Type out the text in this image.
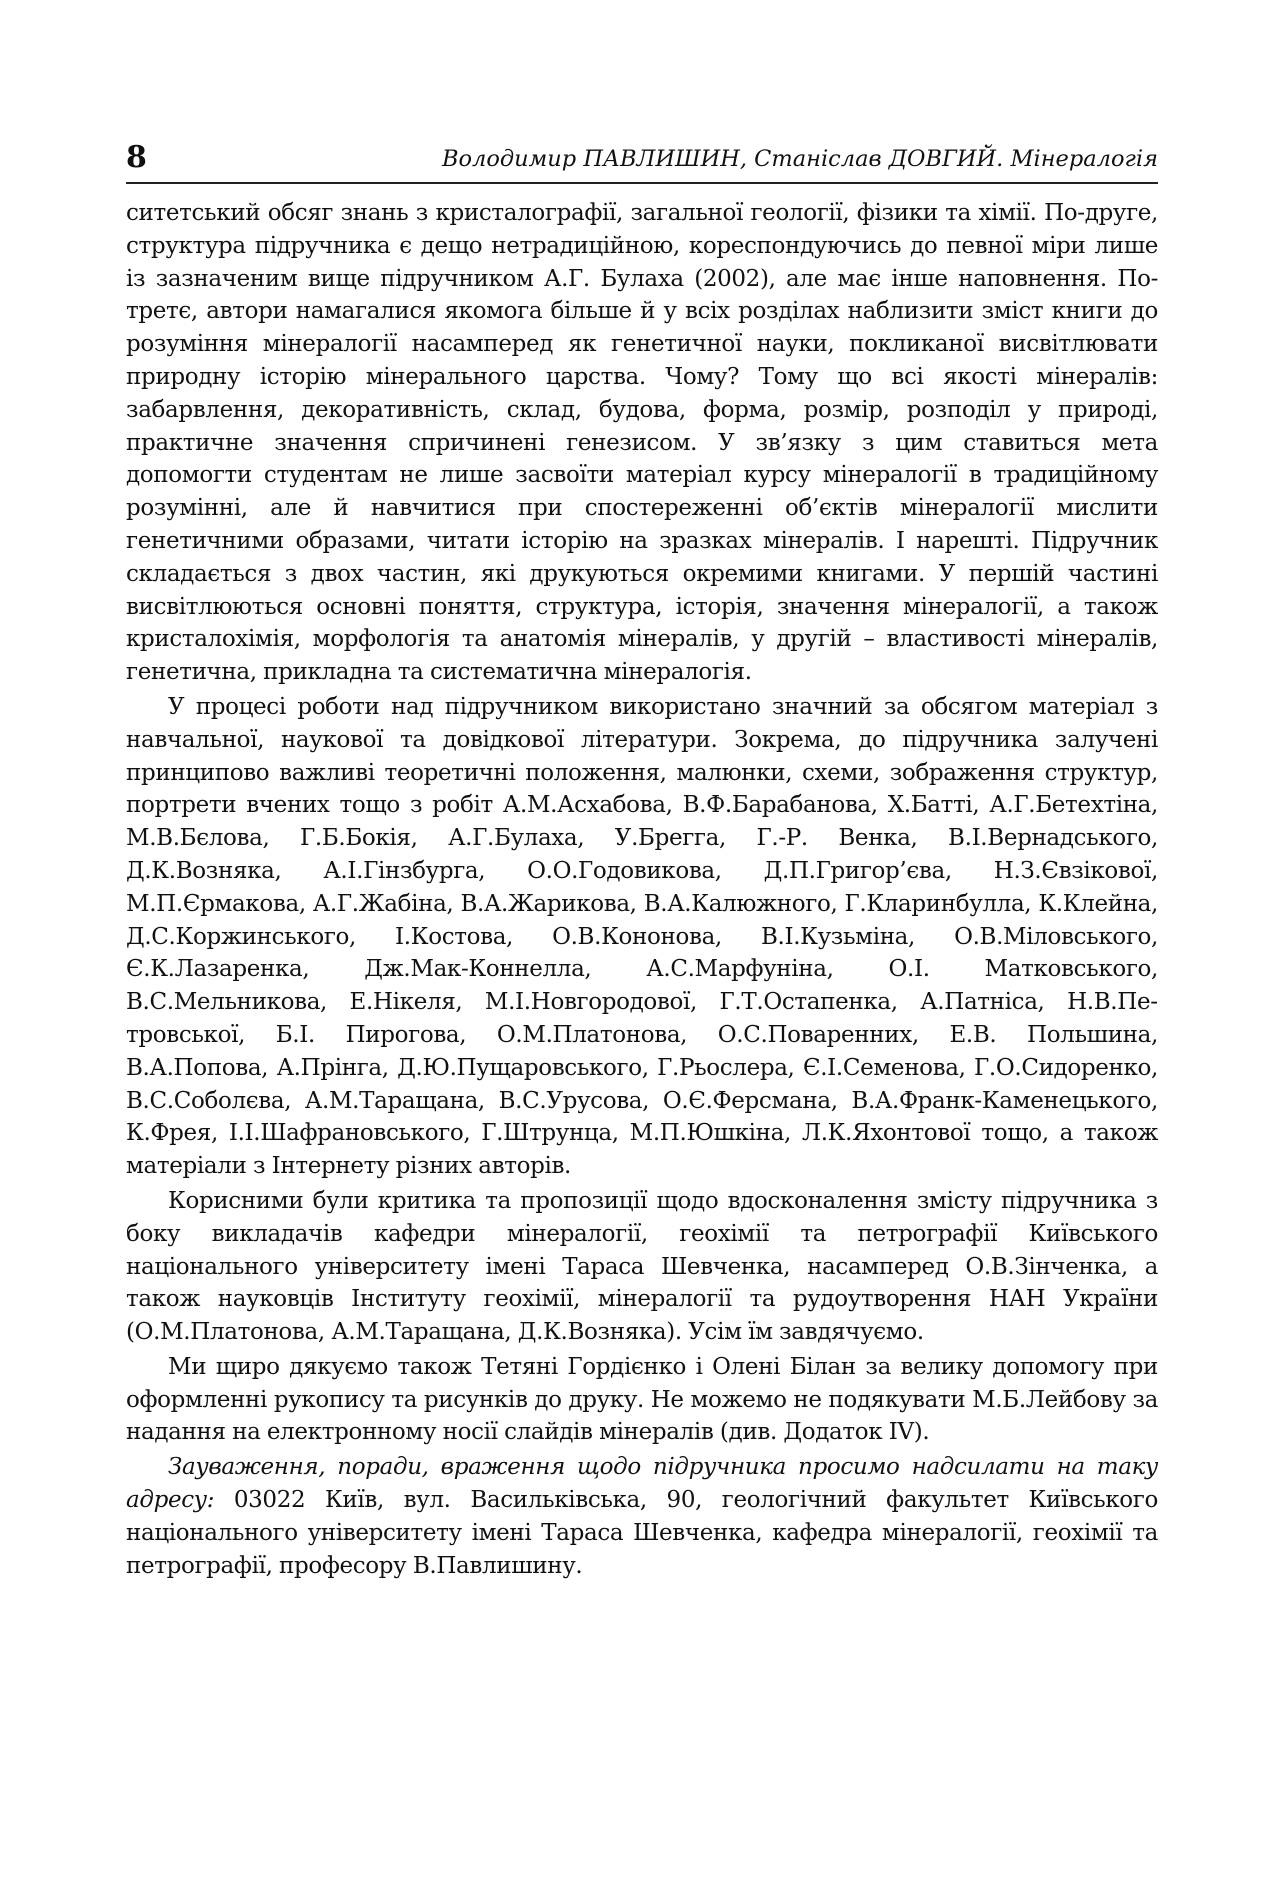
8	Володимир ПАВЛИШИН, Станіслав ДОВГИЙ. Мінералогія

ситетський обсяг знань з кристалографії, загальної геології, фізики та хімії. По-друге, структура підручника є дещо нетрадиційною, кореспондуючись до певної міри лише із зазначеним вище підручником А.Г. Булаха (2002), але має інше наповнення. По-третє, автори намагалися якомога більше й у всіх розділах наблизити зміст книги до розуміння мінералогії насамперед як генетичної науки, покликаної висвітлювати природну історію мінерального царства. Чому? Тому що всі якості мінералів: забарвлення, декоративність, склад, будова, форма, розмір, розподіл у природі, практичне значення спричинені генезисом. У зв’язку з цим ставиться мета допомогти студентам не лише засвоїти матеріал курсу мінералогії в традиційному розумінні, але й навчитися при спостереженні об’єктів мінералогії мислити генетичними образами, читати історію на зразках мінералів. І нарешті. Підручник складається з двох частин, які друкуються окремими книгами. У першій частині висвітлюються основні поняття, структура, історія, значення мінералогії, а також кристалохімія, морфологія та анатомія мінералів, у другій – властивості мінералів, генетична, прикладна та систематична мінералогія.

У процесі роботи над підручником використано значний за обсягом матеріал з навчальної, наукової та довідкової літератури. Зокрема, до підручника залучені принципово важливі теоретичні положення, малюнки, схеми, зображення структур, портрети вчених тощо з робіт А.М.Асхабова, В.Ф.Барабанова, Х.Батті, А.Г.Бетехтіна, М.В.Бєлова, Г.Б.Бокія, А.Г.Булаха, У.Брегга, Г.-Р. Венка, В.І.Вернадського, Д.К.Возняка, А.І.Гінзбурга, О.О.Годовикова, Д.П.Григор’єва, Н.З.Євзікової, М.П.Єрмакова, А.Г.Жабіна, В.А.Жарикова, В.А.Калюжного, Г.Кларинбулла, К.Клейна, Д.С.Коржинського, І.Костова, О.В.Кононова, В.І.Кузьміна, О.В.Міловського, Є.К.Лазаренка, Дж.Мак-Коннелла, А.С.Марфуніна, О.І. Матковського, В.С.Мельникова, Е.Нікеля, М.І.Новгородової, Г.Т.Остапенка, А.Патніса, Н.В.Петровської, Б.І. Пирогова, О.М.Платонова, О.С.Поваренних, Е.В. Польшина, В.А.Попова, А.Прінга, Д.Ю.Пущаровського, Г.Рьослера, Є.І.Семенова, Г.О.Сидоренко, В.С.Соболєва, А.М.Таращана, В.С.Урусова, О.Є.Ферсмана, В.А.Франк-Каменецького, К.Фрея, І.І.Шафрановського, Г.Штрунца, М.П.Юшкіна, Л.К.Яхонтової тощо, а також матеріали з Інтернету різних авторів.

Корисними були критика та пропозиції щодо вдосконалення змісту підручника з боку викладачів кафедри мінералогії, геохімії та петрографії Київського національного університету імені Тараса Шевченка, насамперед О.В.Зінченка, а також науковців Інституту геохімії, мінералогії та рудоутворення НАН України (О.М.Платонова, А.М.Таращана, Д.К.Возняка). Усім їм завдячуємо.

Ми щиро дякуємо також Тетяні Гордієнко і Олені Білан за велику допомогу при оформленні рукопису та рисунків до друку. Не можемо не подякувати М.Б.Лейбову за надання на електронному носії слайдів мінералів (див. Додаток IV).

Зауваження, поради, враження щодо підручника просимо надсилати на таку адресу: 03022 Київ, вул. Васильківська, 90, геологічний факультет Київського національного університету імені Тараса Шевченка, кафедра мінералогії, геохімії та петрографії, професору В.Павлишину.
